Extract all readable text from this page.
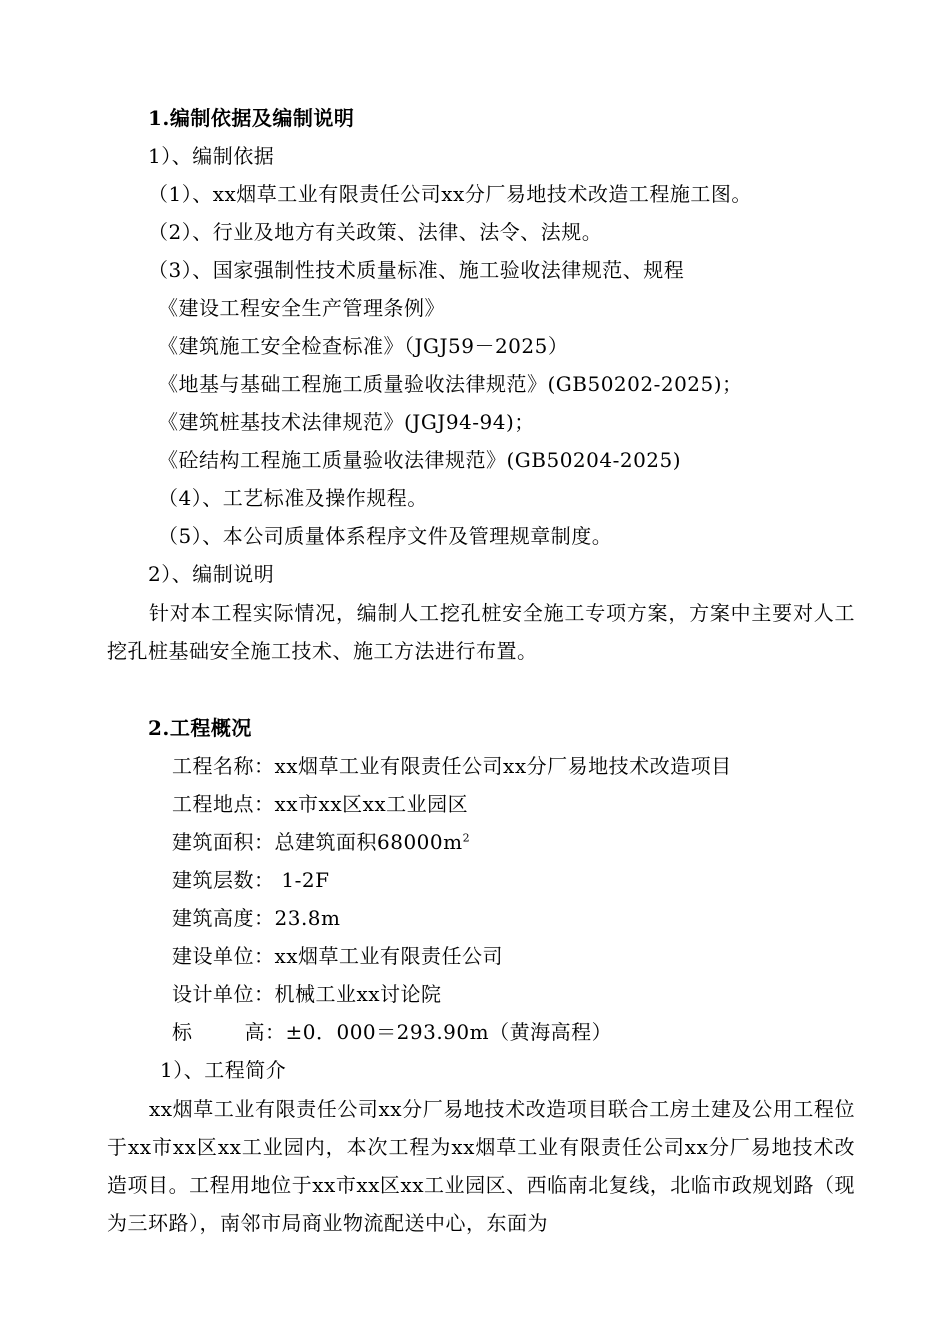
1.编制依据及编制说明
1）、编制依据
（1）、xx烟草工业有限责任公司xx分厂易地技术改造工程施工图。
（2）、行业及地方有关政策、法律、法令、法规。
（3）、国家强制性技术质量标准、施工验收法律规范、规程
《建设工程安全生产管理条例》
《建筑施工安全检查标准》（JGJ59－2025）
《地基与基础工程施工质量验收法律规范》(GB50202-2025)；
《建筑桩基技术法律规范》(JGJ94-94)；
《砼结构工程施工质量验收法律规范》(GB50204-2025)
（4）、工艺标准及操作规程。
（5）、本公司质量体系程序文件及管理规章制度。
2）、编制说明

针对本工程实际情况，编制人工挖孔桩安全施工专项方案，方案中主要对人工挖孔桩基础安全施工技术、施工方法进行布置。

2.工程概况
工程名称：xx烟草工业有限责任公司xx分厂易地技术改造项目
工程地点：xx市xx区xx工业园区
建筑面积：总建筑面积$68000m^2$
建筑层数： 1-2F
建筑高度：23.8m
建设单位：xx烟草工业有限责任公司
设计单位：机械工业xx讨论院
标	高：±0．000＝293.90m（黄海高程）
1）、工程简介

xx烟草工业有限责任公司xx分厂易地技术改造项目联合工房土建及公用工程位于xx市xx区xx工业园内，本次工程为xx烟草工业有限责任公司xx分厂易地技术改造项目。工程用地位于xx市xx区xx工业园区、西临南北复线，北临市政规划路（现为三环路），南邻市局商业物流配送中心，东面为
